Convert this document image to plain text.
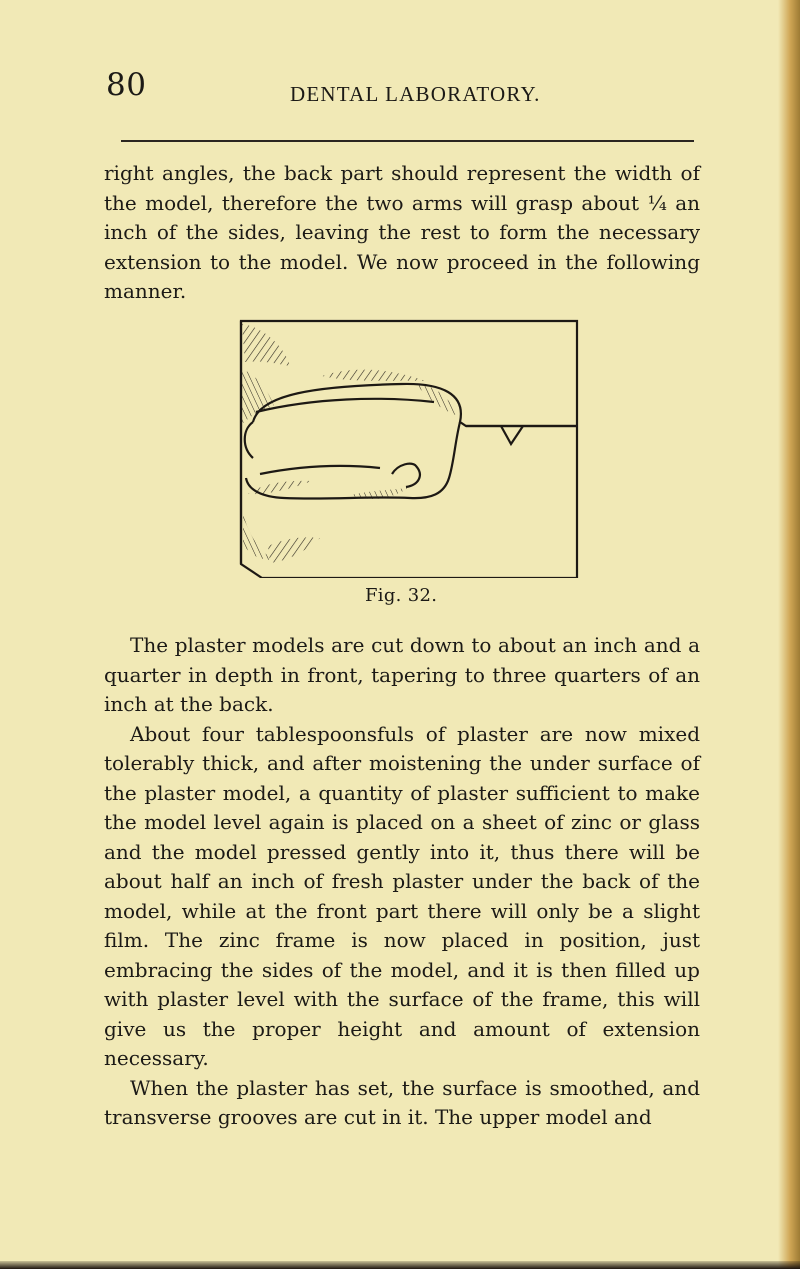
80	DENTAL LABORATORY.

right angles, the back part should represent the width of the model, therefore the two arms will grasp about ¼ an inch of the sides, leaving the rest to form the necessary extension to the model. We now proceed in the following manner.

Fig. 32.

The plaster models are cut down to about an inch and a quarter in depth in front, tapering to three quarters of an inch at the back.

About four tablespoonsfuls of plaster are now mixed tolerably thick, and after moistening the under surface of the plaster model, a quantity of plaster sufficient to make the model level again is placed on a sheet of zinc or glass and the model pressed gently into it, thus there will be about half an inch of fresh plaster under the back of the model, while at the front part there will only be a slight film. The zinc frame is now placed in position, just embracing the sides of the model, and it is then filled up with plaster level with the surface of the frame, this will give us the proper height and amount of extension necessary.

When the plaster has set, the surface is smoothed, and transverse grooves are cut in it. The upper model and
